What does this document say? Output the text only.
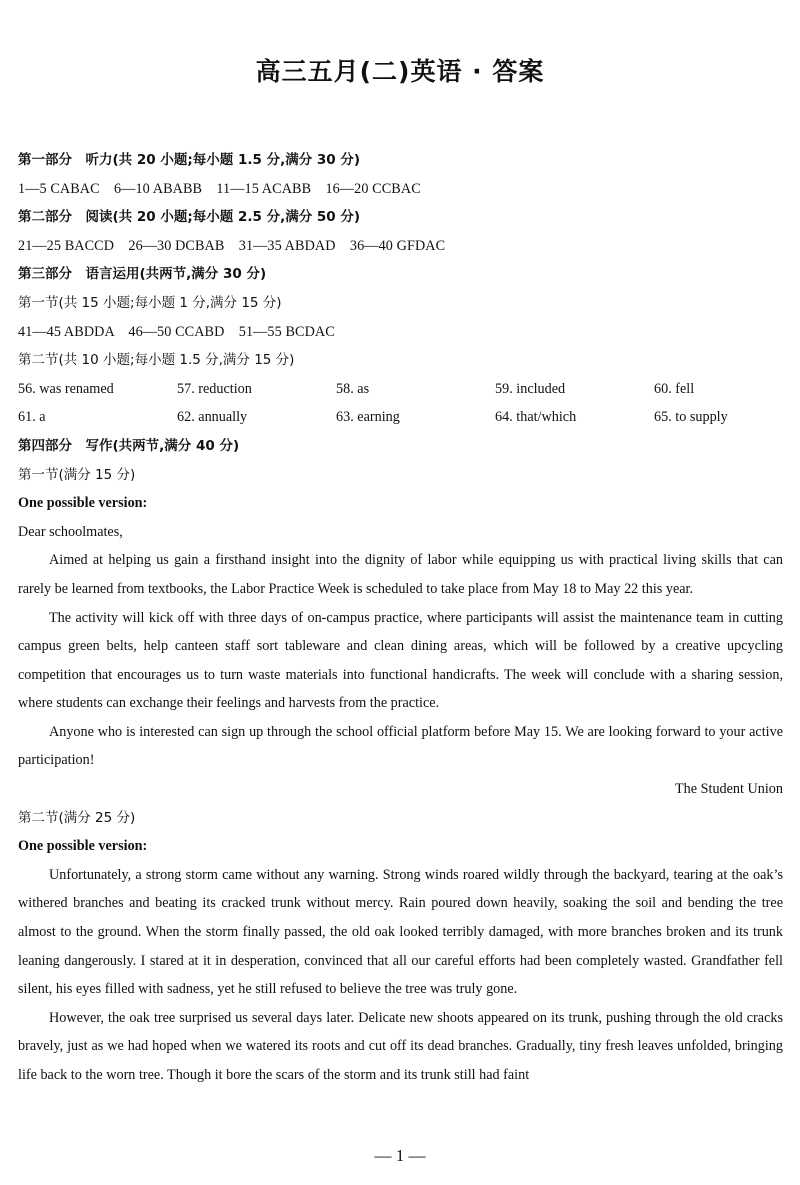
高三五月(二)英语 · 答案
第一部分　听力(共 20 小题;每小题 1.5 分,满分 30 分)
1—5 CABAC　6—10 ABABB　11—15 ACABB　16—20 CCBAC
第二部分　阅读(共 20 小题;每小题 2.5 分,满分 50 分)
21—25 BACCD　26—30 DCBAB　31—35 ABDAD　36—40 GFDAC
第三部分　语言运用(共两节,满分 30 分)
第一节(共 15 小题;每小题 1 分,满分 15 分)
41—45 ABDDA　46—50 CCABD　51—55 BCDAC
第二节(共 10 小题;每小题 1.5 分,满分 15 分)
56. was renamed	57. reduction	58. as	59. included	60. fell
61. a	62. annually	63. earning	64. that/which	65. to supply
第四部分　写作(共两节,满分 40 分)
第一节(满分 15 分)
One possible version:
Dear schoolmates,

Aimed at helping us gain a firsthand insight into the dignity of labor while equipping us with practical living skills that can rarely be learned from textbooks, the Labor Practice Week is scheduled to take place from May 18 to May 22 this year.

The activity will kick off with three days of on-campus practice, where participants will assist the maintenance team in cutting campus green belts, help canteen staff sort tableware and clean dining areas, which will be followed by a creative upcycling competition that encourages us to turn waste materials into functional handicrafts. The week will conclude with a sharing session, where students can exchange their feelings and harvests from the practice.

Anyone who is interested can sign up through the school official platform before May 15. We are looking forward to your active participation!

The Student Union
第二节(满分 25 分)
One possible version:

Unfortunately, a strong storm came without any warning. Strong winds roared wildly through the backyard, tearing at the oak’s withered branches and beating its cracked trunk without mercy. Rain poured down heavily, soaking the soil and bending the tree almost to the ground. When the storm finally passed, the old oak looked terribly damaged, with more branches broken and its trunk leaning dangerously. I stared at it in desperation, convinced that all our careful efforts had been completely wasted. Grandfather fell silent, his eyes filled with sadness, yet he still refused to believe the tree was truly gone.

However, the oak tree surprised us several days later. Delicate new shoots appeared on its trunk, pushing through the old cracks bravely, just as we had hoped when we watered its roots and cut off its dead branches. Gradually, tiny fresh leaves unfolded, bringing life back to the worn tree. Though it bore the scars of the storm and its trunk still had faint

— 1 —
